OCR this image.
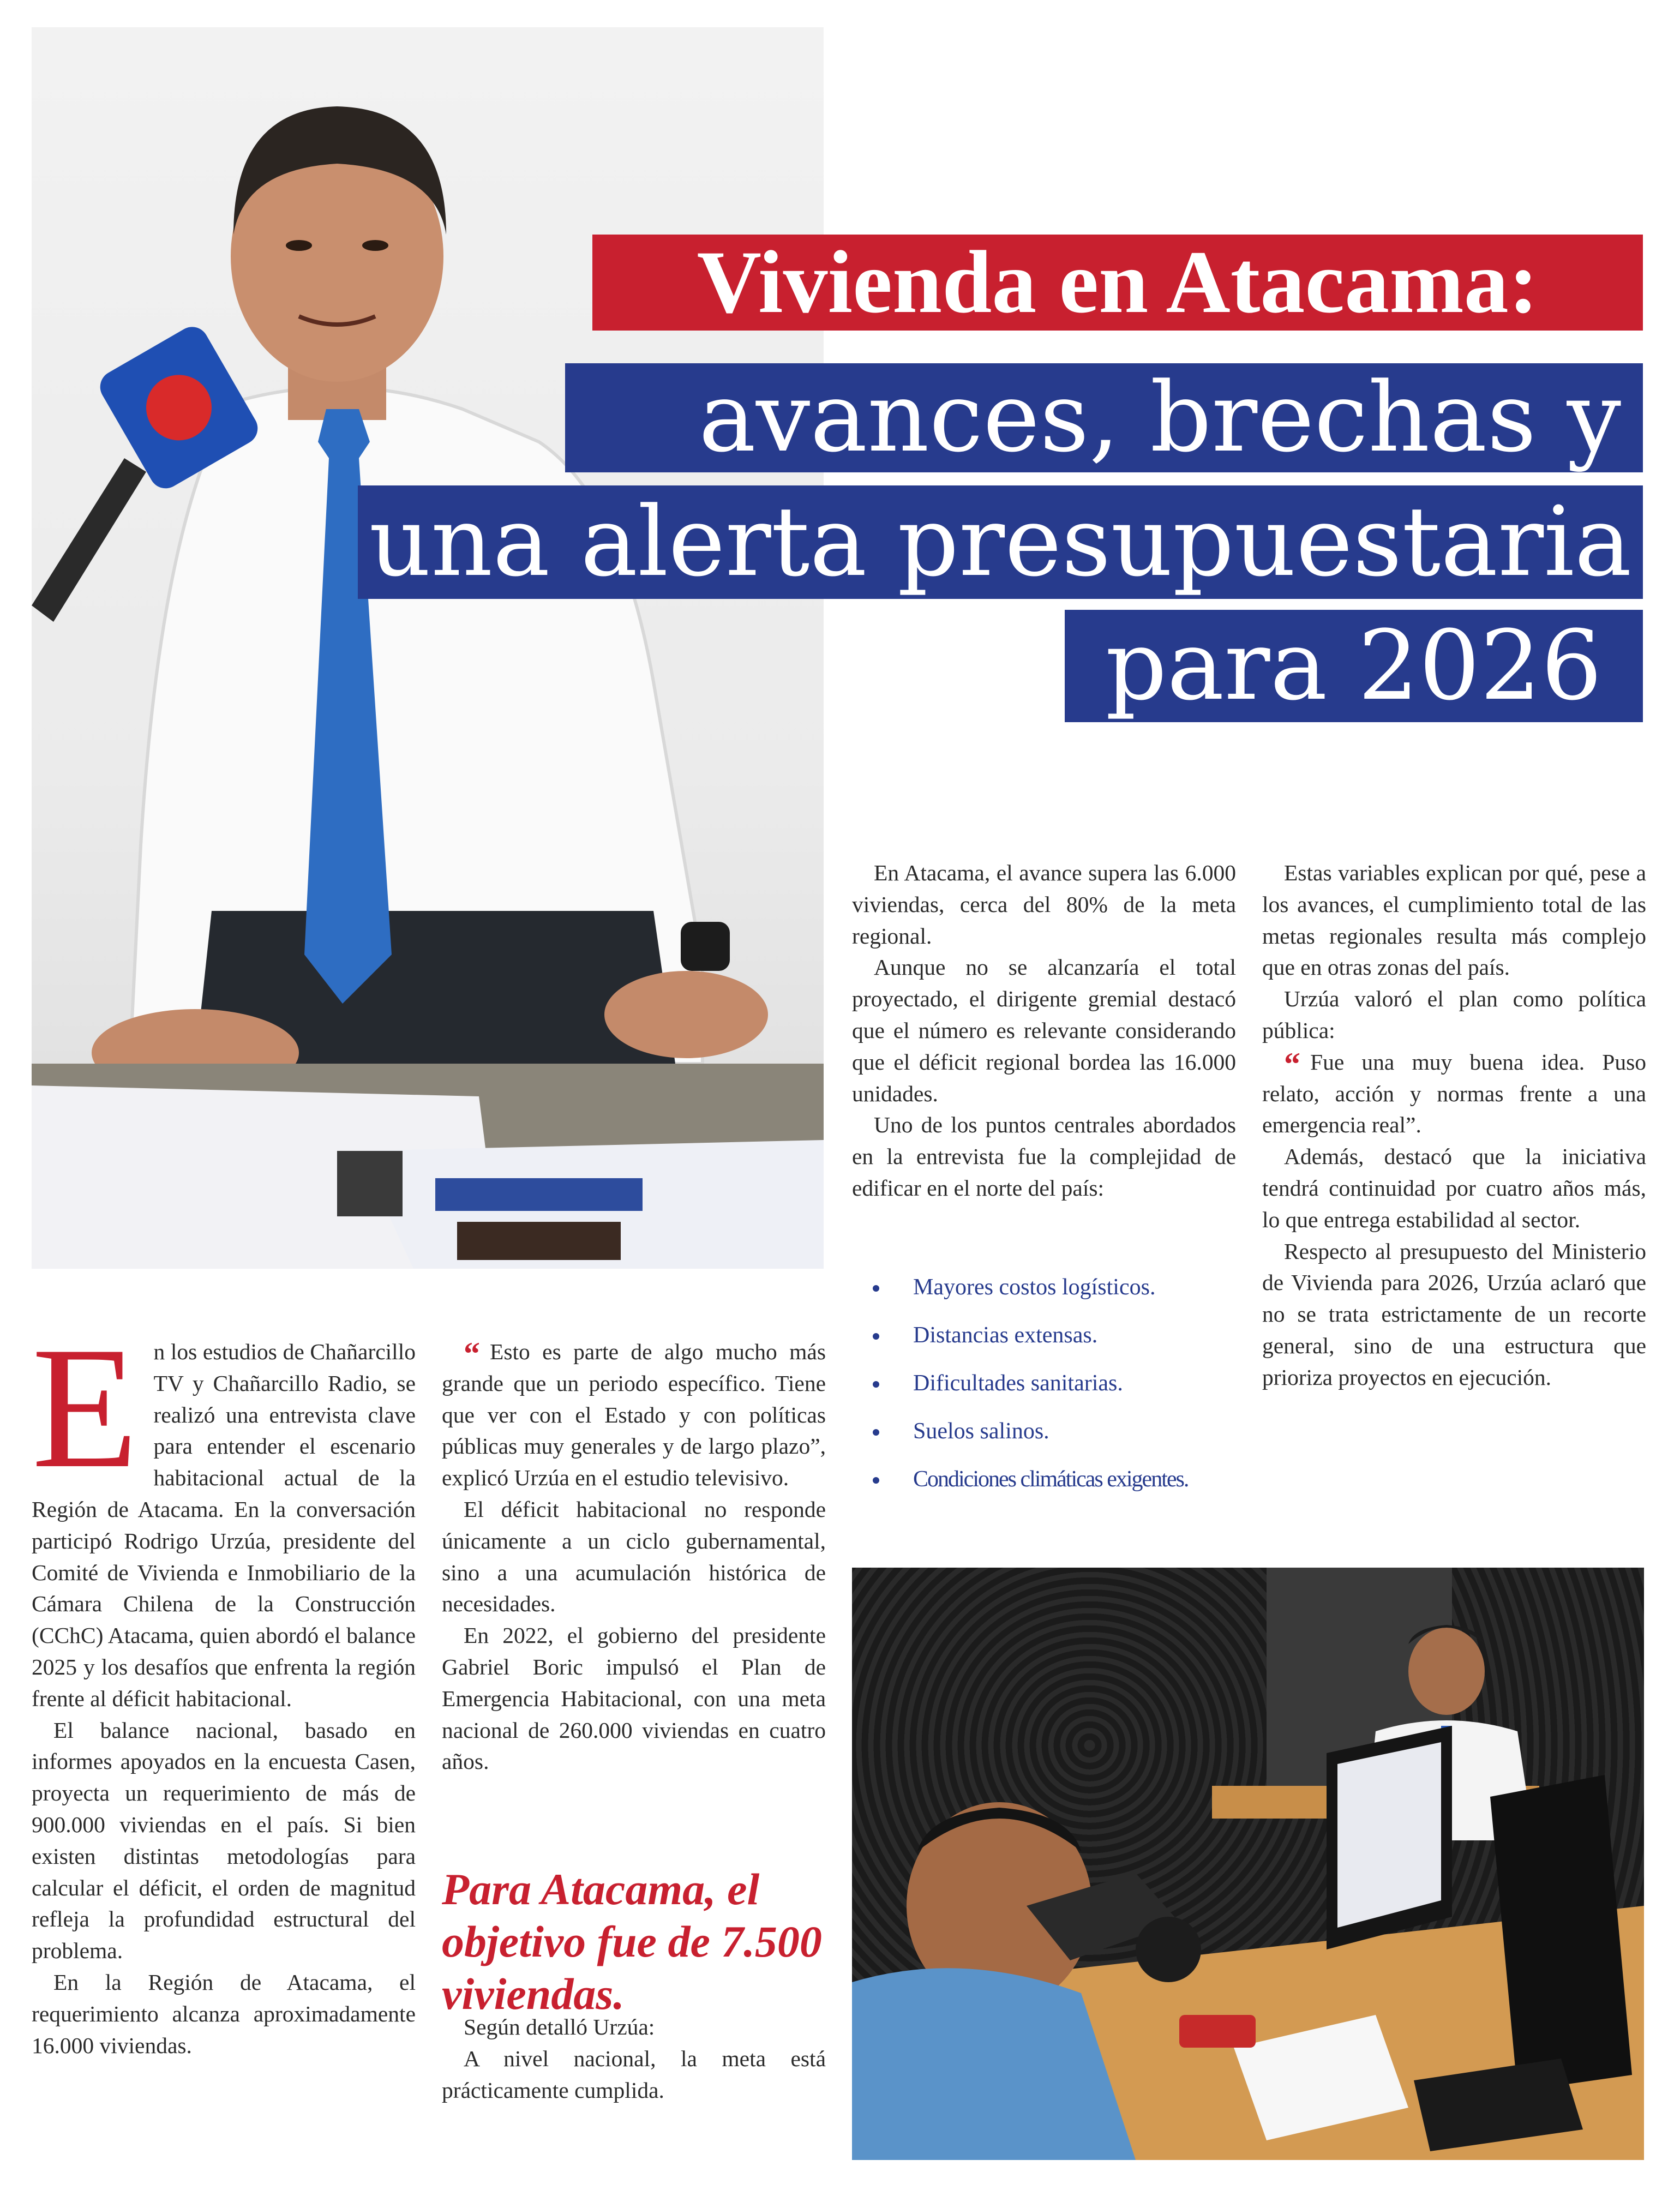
Vivienda en Atacama:
avances, brechas y
una alerta presupuestaria
para 2026

En Atacama, el avance supera las 6.000 viviendas, cerca del 80% de la meta regional.

Aunque no se alcanzaría el total proyectado, el dirigente gremial destacó que el número es relevante considerando que el déficit regional bordea las 16.000 unidades.

Uno de los puntos centrales abordados en la entrevista fue la complejidad de edificar en el norte del país:

Mayores costos logísticos.
Distancias extensas.
Dificultades sanitarias.
Suelos salinos.
Condiciones climáticas exigentes.

Estas variables explican por qué, pese a los avances, el cumplimiento total de las metas regionales resulta más complejo que en otras zonas del país.

Urzúa valoró el plan como política pública:

“ Fue una muy buena idea. Puso relato, acción y normas frente a una emergencia real”.

Además, destacó que la iniciativa tendrá continuidad por cuatro años más, lo que entrega estabilidad al sector.

Respecto al presupuesto del Ministerio de Vivienda para 2026, Urzúa aclaró que no se trata estrictamente de un recorte general, sino de una estructura que prioriza proyectos en ejecución.

En los estudios de Chañarcillo TV y Chañarcillo Radio, se realizó una entrevista clave para entender el escenario habitacional actual de la Región de Atacama. En la conversación participó Rodrigo Urzúa, presidente del Comité de Vivienda e Inmobiliario de la Cámara Chilena de la Construcción (CChC) Atacama, quien abordó el balance 2025 y los desafíos que enfrenta la región frente al déficit habitacional.

El balance nacional, basado en informes apoyados en la encuesta Casen, proyecta un requerimiento de más de 900.000 viviendas en el país. Si bien existen distintas metodologías para calcular el déficit, el orden de magnitud refleja la profundidad estructural del problema.

En la Región de Atacama, el requerimiento alcanza aproximadamente 16.000 viviendas.

“ Esto es parte de algo mucho más grande que un periodo específico. Tiene que ver con el Estado y con políticas públicas muy generales y de largo plazo”, explicó Urzúa en el estudio televisivo.

El déficit habitacional no responde únicamente a un ciclo gubernamental, sino a una acumulación histórica de necesidades.

En 2022, el gobierno del presidente Gabriel Boric impulsó el Plan de Emergencia Habitacional, con una meta nacional de 260.000 viviendas en cuatro años.

Para Atacama, el objetivo fue de 7.500 viviendas.

Según detalló Urzúa:

A nivel nacional, la meta está prácticamente cumplida.
